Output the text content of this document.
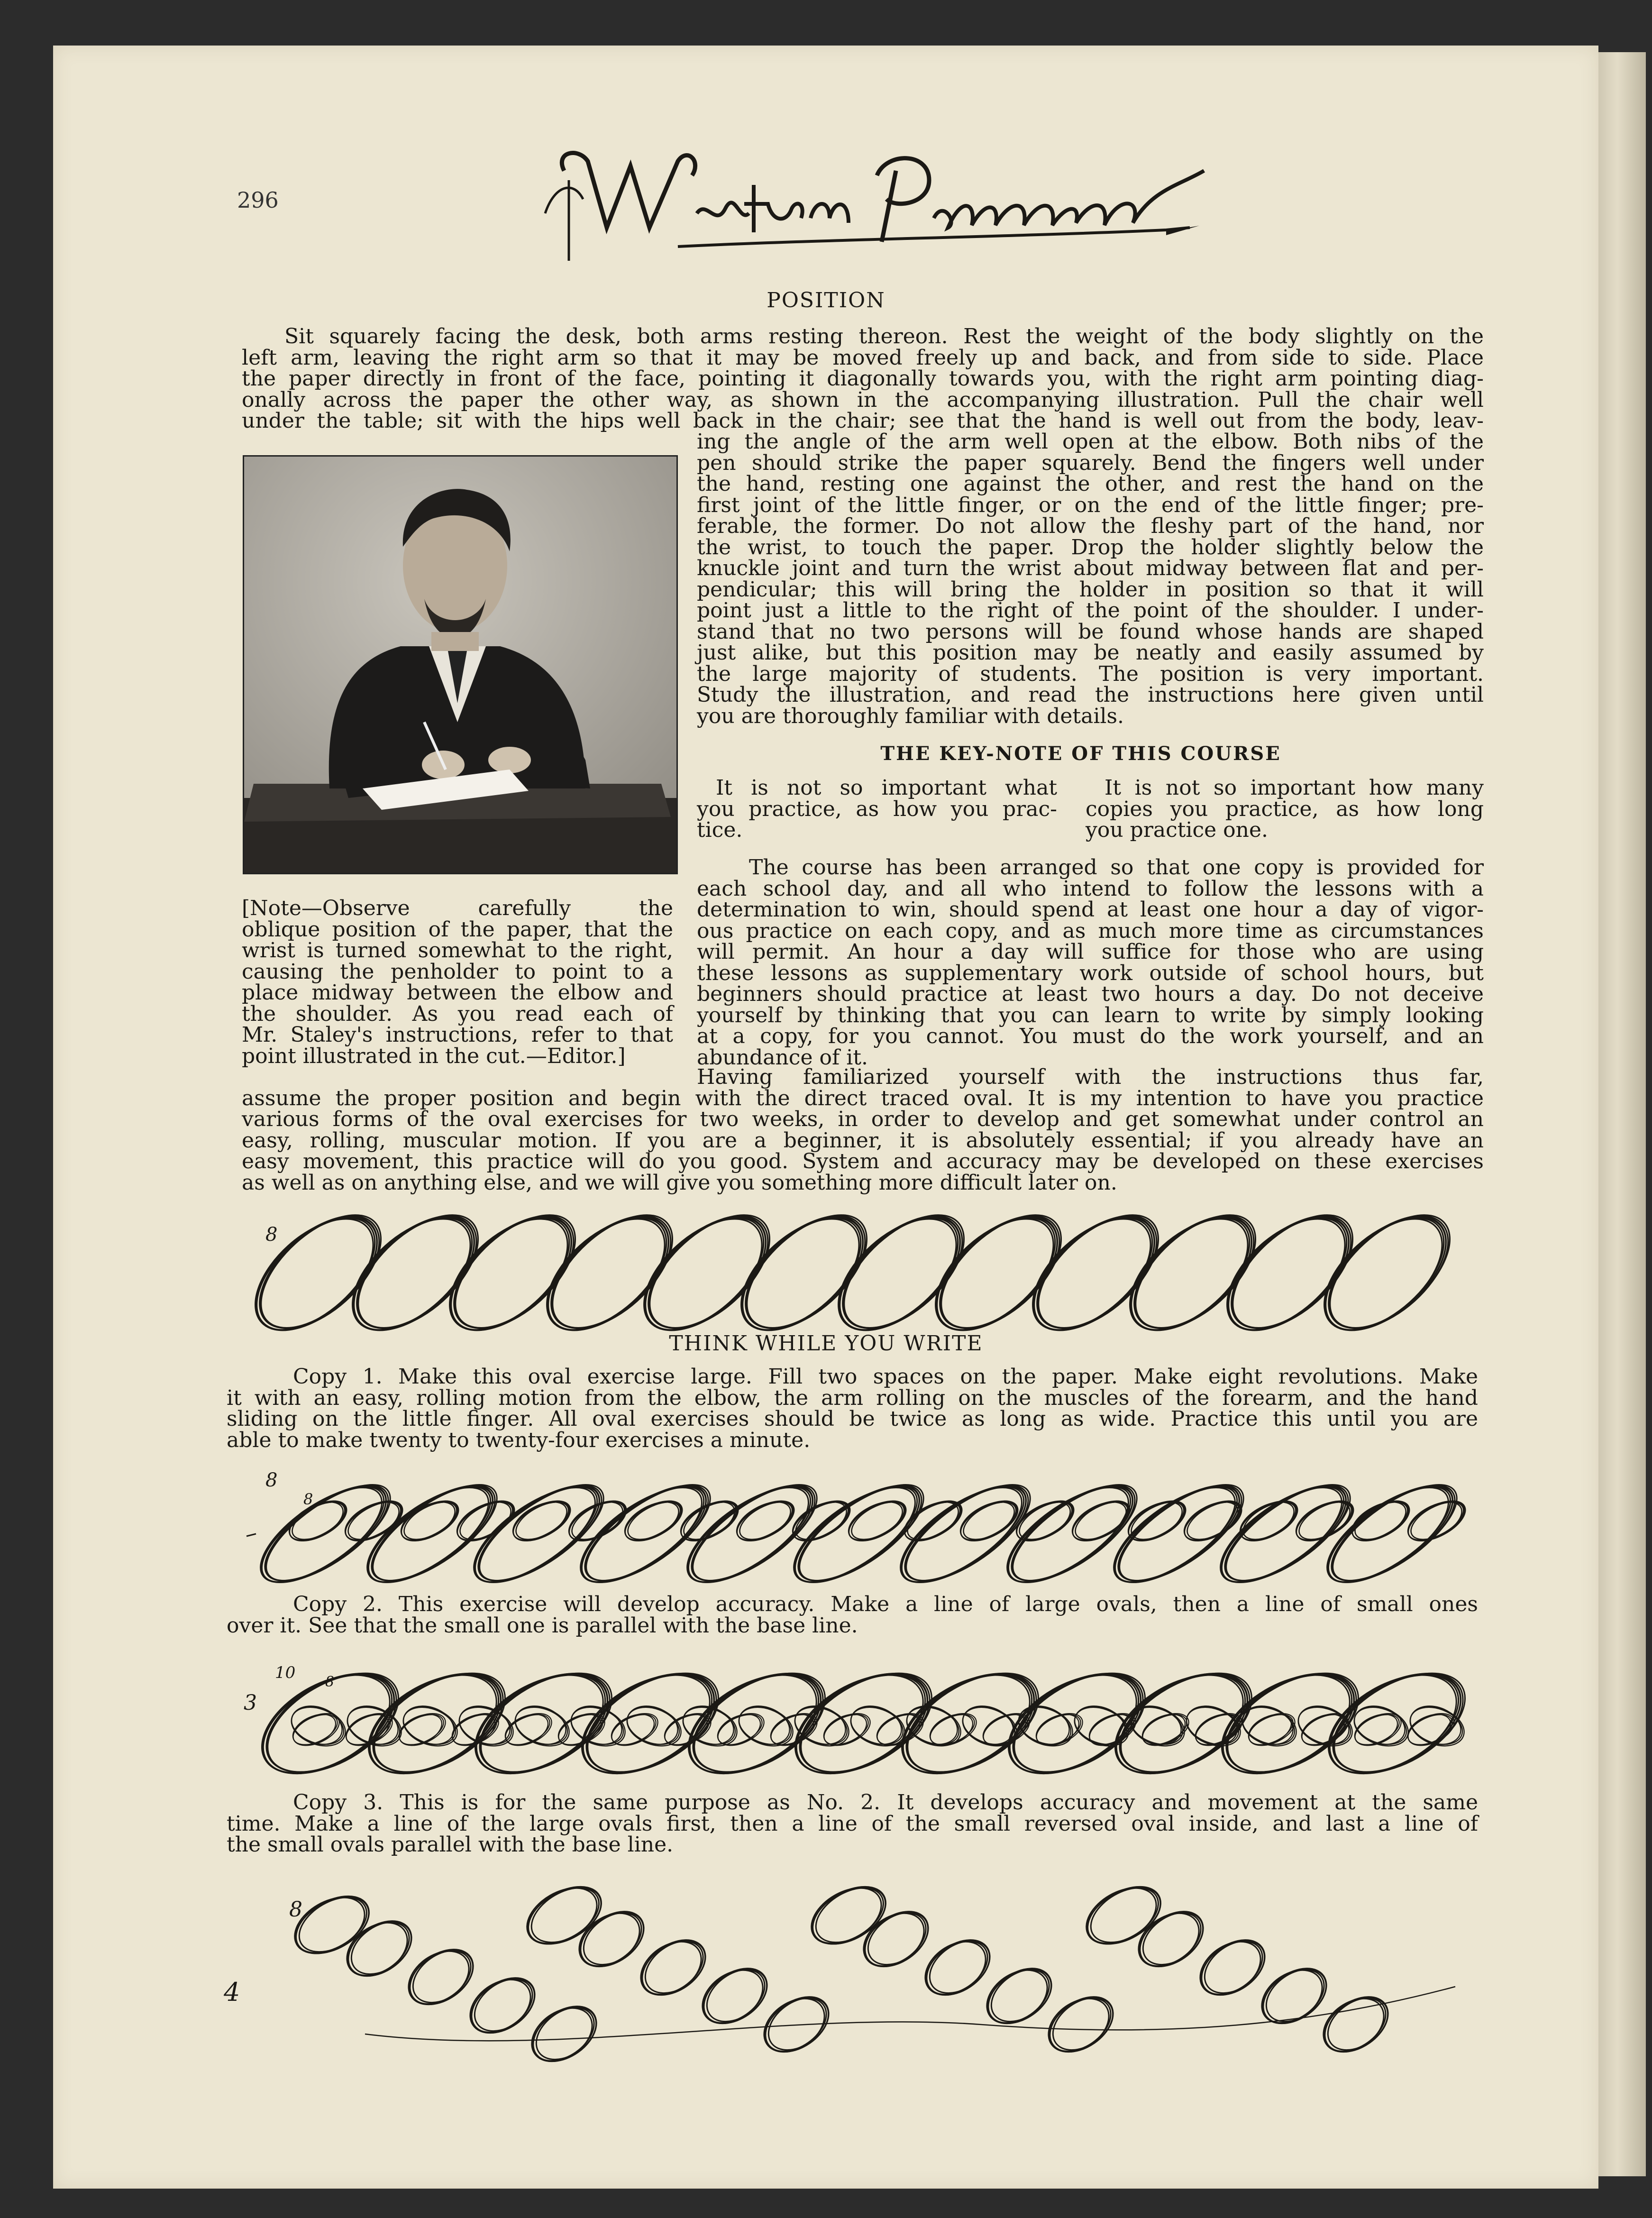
296
POSITION
Sit squarely facing the desk, both arms resting thereon. Rest the weight of the body slightly on the
left arm, leaving the right arm so that it may be moved freely up and back, and from side to side. Place
the paper directly in front of the face, pointing it diagonally towards you, with the right arm pointing diag-
onally across the paper the other way, as shown in the accompanying illustration. Pull the chair well
under the table; sit with the hips well back in the chair; see that the hand is well out from the body, leav-
ing the angle of the arm well open at the elbow. Both nibs of the
pen should strike the paper squarely. Bend the fingers well under
the hand, resting one against the other, and rest the hand on the
first joint of the little finger, or on the end of the little finger; pre-
ferable, the former. Do not allow the fleshy part of the hand, nor
the wrist, to touch the paper. Drop the holder slightly below the
knuckle joint and turn the wrist about midway between flat and per-
pendicular; this will bring the holder in position so that it will
point just a little to the right of the point of the shoulder. I under-
stand that no two persons will be found whose hands are shaped
just alike, but this position may be neatly and easily assumed by
the large majority of students. The position is very important.
Study the illustration, and read the instructions here given until
you are thoroughly familiar with details.
THE KEY-NOTE OF THIS COURSE
It is not so important what
you practice, as how you prac-
tice.
It is not so important how many
copies you practice, as how long
you practice one.
The course has been arranged so that one copy is provided for
each school day, and all who intend to follow the lessons with a
determination to win, should spend at least one hour a day of vigor-
ous practice on each copy, and as much more time as circumstances
will permit. An hour a day will suffice for those who are using
these lessons as supplementary work outside of school hours, but
beginners should practice at least two hours a day. Do not deceive
yourself by thinking that you can learn to write by simply looking
at a copy, for you cannot. You must do the work yourself, and an
abundance of it.
[Note—Observe carefully the
oblique position of the paper, that the
wrist is turned somewhat to the right,
causing the penholder to point to a
place midway between the elbow and
the shoulder. As you read each of
Mr. Staley's instructions, refer to that
point illustrated in the cut.—Editor.]
Having familiarized yourself with the instructions thus far,
assume the proper position and begin with the direct traced oval. It is my intention to have you practice
various forms of the oval exercises for two weeks, in order to develop and get somewhat under control an
easy, rolling, muscular motion. If you are a beginner, it is absolutely essential; if you already have an
easy movement, this practice will do you good. System and accuracy may be developed on these exercises
as well as on anything else, and we will give you something more difficult later on.
8
THINK WHILE YOU WRITE
Copy 1. Make this oval exercise large. Fill two spaces on the paper. Make eight revolutions. Make
it with an easy, rolling motion from the elbow, the arm rolling on the muscles of the forearm, and the hand
sliding on the little finger. All oval exercises should be twice as long as wide. Practice this until you are
able to make twenty to twenty-four exercises a minute.
8
8
Copy 2. This exercise will develop accuracy. Make a line of large ovals, then a line of small ones
over it. See that the small one is parallel with the base line.
10 8
3
Copy 3. This is for the same purpose as No. 2. It develops accuracy and movement at the same
time. Make a line of the large ovals first, then a line of the small reversed oval inside, and last a line of
the small ovals parallel with the base line.
8
4
